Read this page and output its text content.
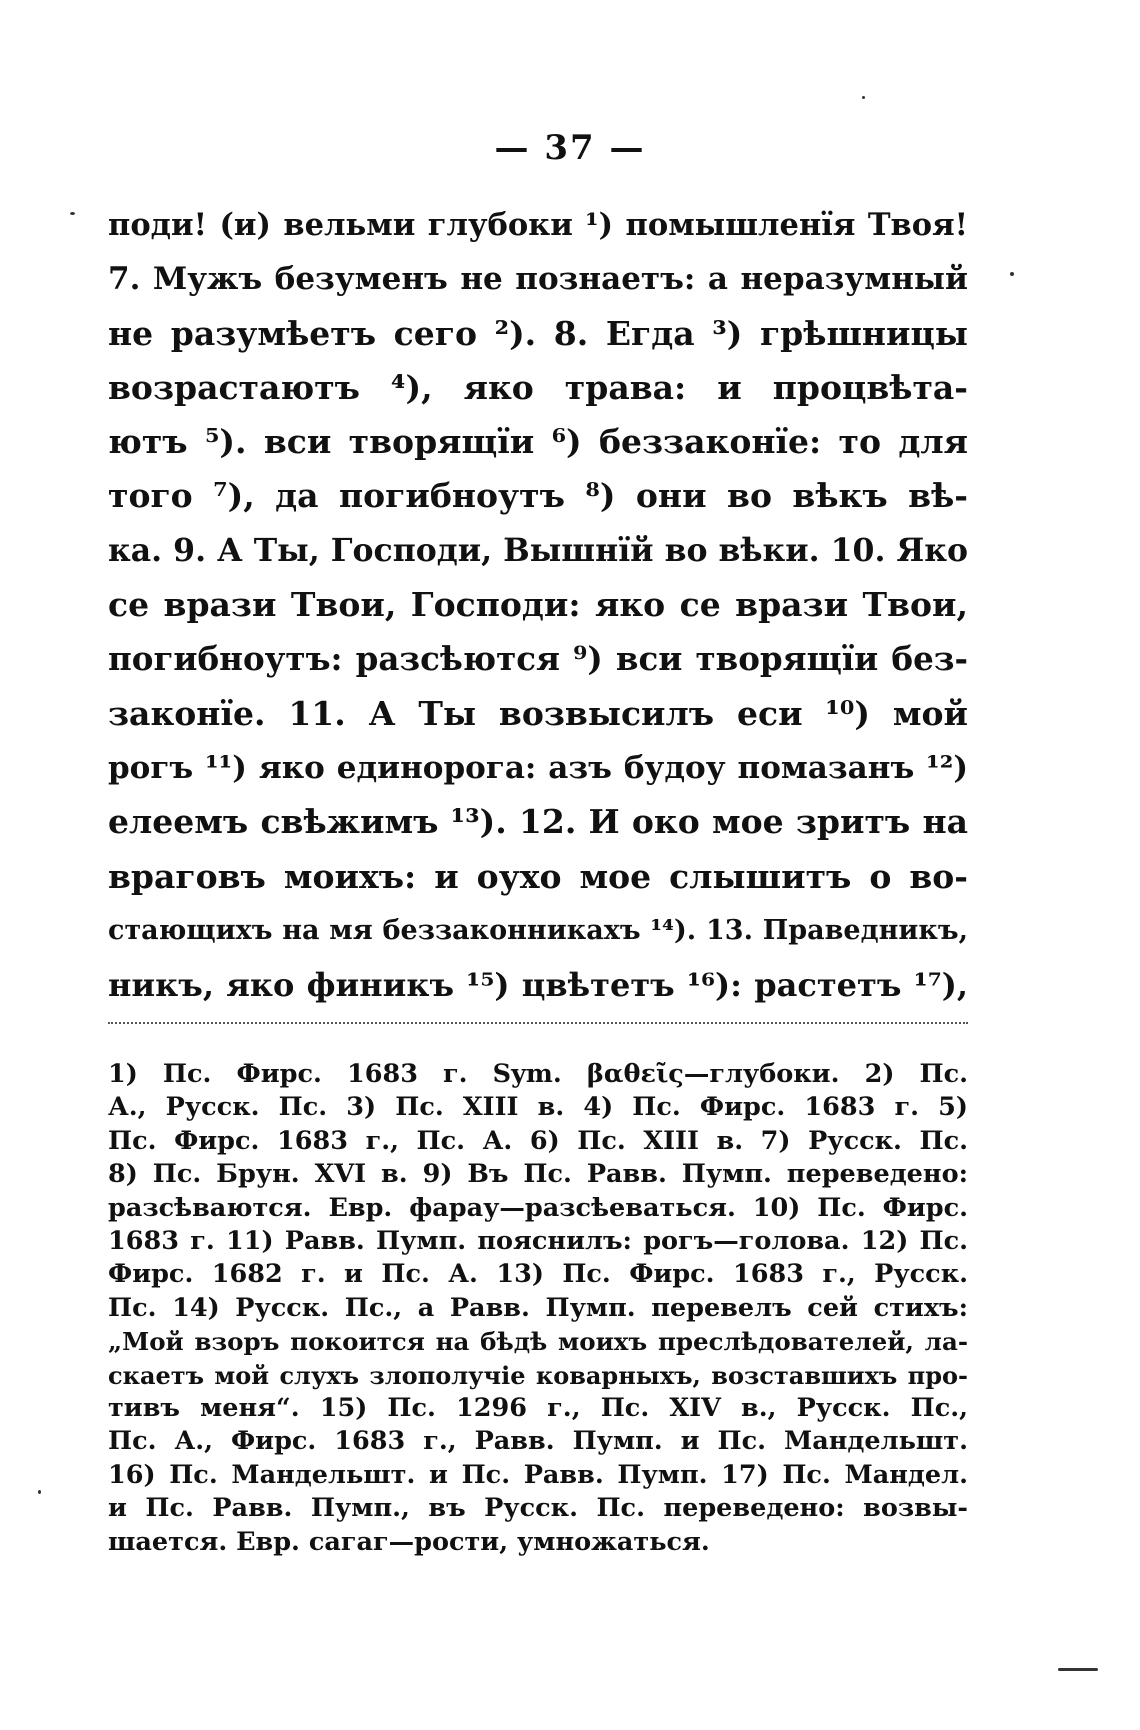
— 37 —
поди! (и) вельми глубоки ¹) помышленїя Твоя!
7. Мужъ безуменъ не познаетъ: а неразумный
не разумѣетъ сего ²). 8. Егда ³) грѣшницы
возрастаютъ ⁴), яко трава: и процвѣта-
ютъ ⁵). вси творящїи ⁶) беззаконїе: то для
того ⁷), да погибноутъ ⁸) они во вѣкъ вѣ-
ка. 9. А Ты, Господи, Вышнїй во вѣки. 10. Яко
се врази Твои, Господи: яко се врази Твои,
погибноутъ: разсѣются ⁹) вси творящїи без-
законїе. 11. А Ты возвысилъ еси ¹⁰) мой
рогъ ¹¹) яко единорога: азъ будоу помазанъ ¹²)
елеемъ свѣжимъ ¹³). 12. И око мое зритъ на
враговъ моихъ: и оухо мое слышитъ о во-
стающихъ на мя беззаконникахъ ¹⁴). 13. Праведникъ,
никъ, яко финикъ ¹⁵) цвѣтетъ ¹⁶): растетъ ¹⁷),
1) Пс. Фирс. 1683 г. Sym. βαθεῖς—глубоки. 2) Пс.
А., Русск. Пс. 3) Пс. XIII в. 4) Пс. Фирс. 1683 г. 5)
Пс. Фирс. 1683 г., Пс. А. 6) Пс. XIII в. 7) Русск. Пс.
8) Пс. Брун. XVI в. 9) Въ Пс. Равв. Пумп. переведено:
разсѣваются. Евр. фарау—разсѣеваться. 10) Пс. Фирс.
1683 г. 11) Равв. Пумп. пояснилъ: рогъ—голова. 12) Пс.
Фирс. 1682 г. и Пс. А. 13) Пс. Фирс. 1683 г., Русск.
Пс. 14) Русск. Пс., а Равв. Пумп. перевелъ сей стихъ:
„Мой взоръ покоится на бѣдѣ моихъ преслѣдователей, ла-
скаетъ мой слухъ злополучіе коварныхъ, возставшихъ про-
тивъ меня“. 15) Пс. 1296 г., Пс. XIV в., Русск. Пс.,
Пс. А., Фирс. 1683 г., Равв. Пумп. и Пс. Мандельшт.
16) Пс. Мандельшт. и Пс. Равв. Пумп. 17) Пс. Мандел.
и Пс. Равв. Пумп., въ Русск. Пс. переведено: возвы-
шается. Евр. сагаг—рости, умножаться.
